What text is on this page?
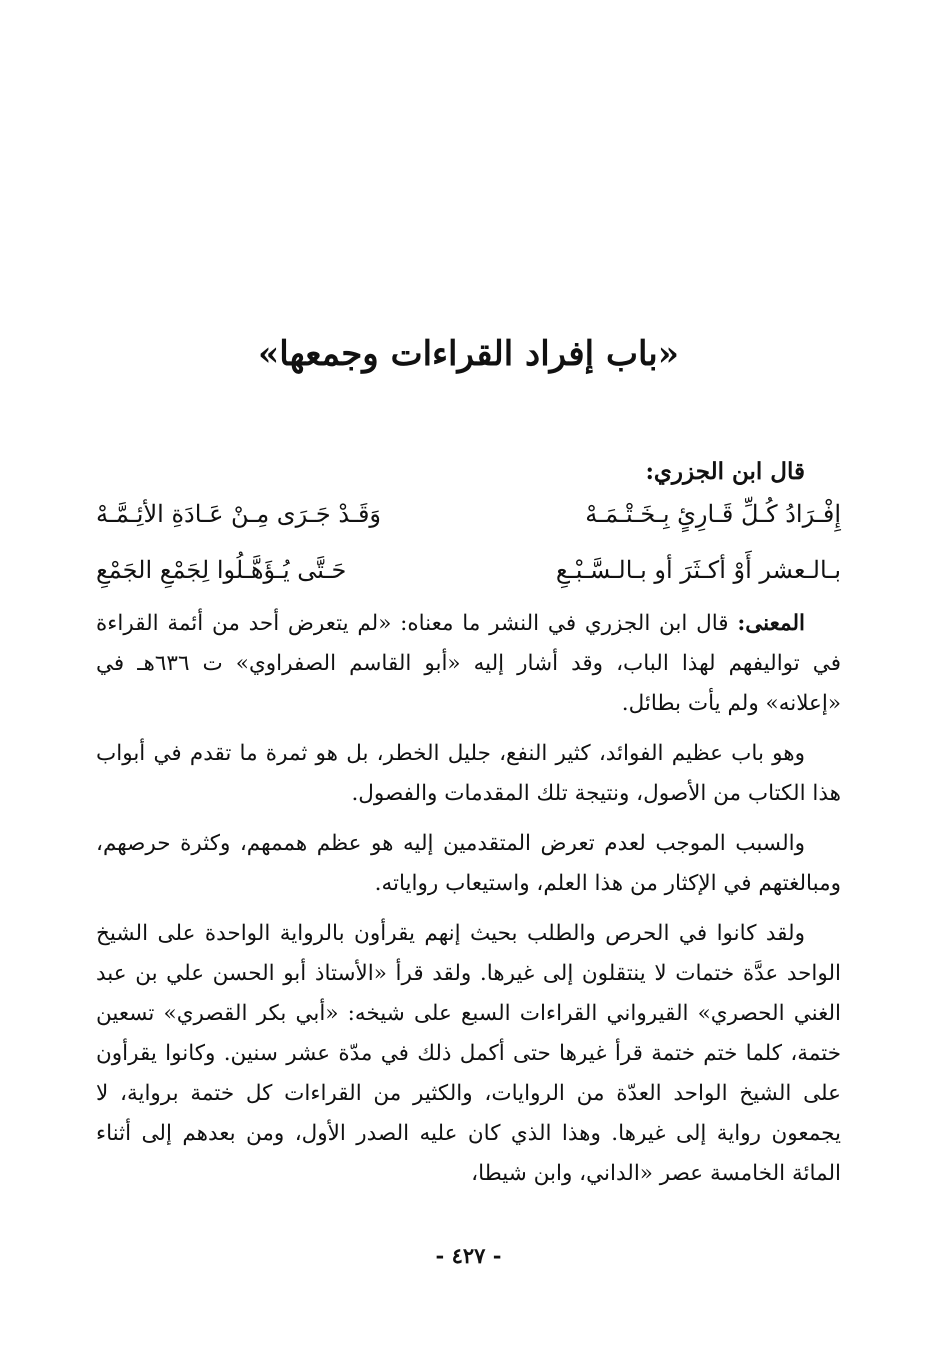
«باب إفراد القراءات وجمعها»
قال ابن الجزري:
إِفْـرَادُ كُـلِّ قَـارِئٍ بِـخَـتْـمَـهْ
وَقَـدْ جَـرَى مِـنْ عَـادَةِ الأئِـمَّـهْ
بـالـعشر أَوْ أكـثَرَ أو بـالـسَّـبْـعِ
حَـتَّى يُـؤَهَّـلُوا لِجَمْعِ الجَمْعِ

المعنى: قال ابن الجزري في النشر ما معناه: «لم يتعرض أحد من أئمة القراءة في تواليفهم لهذا الباب، وقد أشار إليه «أبو القاسم الصفراوي» ت ٦٣٦هـ في «إعلانه» ولم يأت بطائل.

وهو باب عظيم الفوائد، كثير النفع، جليل الخطر، بل هو ثمرة ما تقدم في أبواب هذا الكتاب من الأصول، ونتيجة تلك المقدمات والفصول.

والسبب الموجب لعدم تعرض المتقدمين إليه هو عظم هممهم، وكثرة حرصهم، ومبالغتهم في الإكثار من هذا العلم، واستيعاب رواياته.

ولقد كانوا في الحرص والطلب بحيث إنهم يقرأون بالرواية الواحدة على الشيخ الواحد عدَّة ختمات لا ينتقلون إلى غيرها. ولقد قرأ «الأستاذ أبو الحسن علي بن عبد الغني الحصري» القيرواني القراءات السبع على شيخه: «أبي بكر القصري» تسعين ختمة، كلما ختم ختمة قرأ غيرها حتى أكمل ذلك في مدّة عشر سنين. وكانوا يقرأون على الشيخ الواحد العدّة من الروايات، والكثير من القراءات كل ختمة برواية، لا يجمعون رواية إلى غيرها. وهذا الذي كان عليه الصدر الأول، ومن بعدهم إلى أثناء المائة الخامسة عصر «الداني، وابن شيطا،

- ٤٢٧ -
